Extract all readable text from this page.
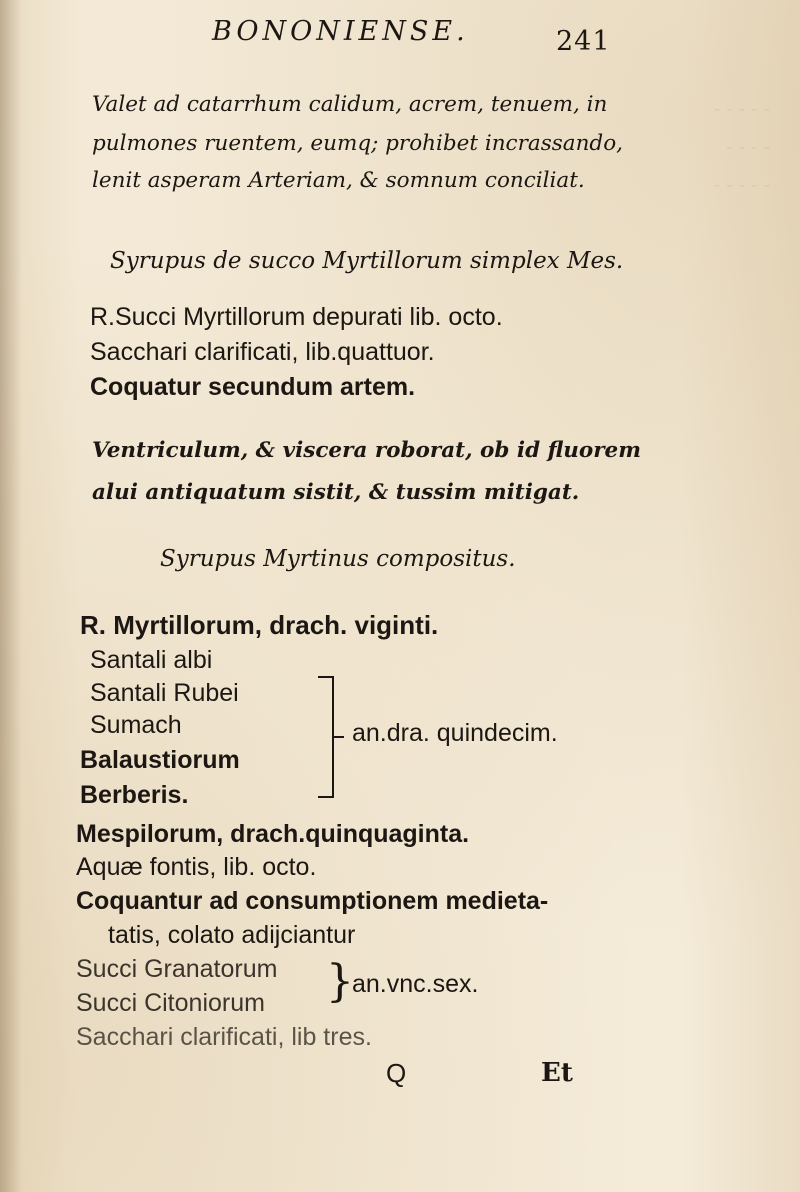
‐ ‐ ‐ ‐ ‐
‐ ‐ ‐ ‐
‐ ‐ ‐ ‐ ‐
BONONIENSE.	241
Valet ad catarrhum calidum, acrem, tenuem, in
pulmones ruentem, eumq; prohibet incrassando,
lenit asperam Arteriam, & somnum conciliat.
Syrupus de succo Myrtillorum simplex Mes.
R.Succi Myrtillorum depurati lib. octo.
Sacchari clarificati, lib.quattuor.
Coquatur secundum artem.
Ventriculum, & viscera roborat, ob id fluorem
alui antiquatum sistit, & tussim mitigat.
Syrupus Myrtinus compositus.
R. Myrtillorum, drach. viginti.
Santali albi
Santali Rubei
Sumach
Balaustiorum
Berberis.
an.dra. quindecim.
Mespilorum, drach.quinquaginta.
Aquæ fontis, lib. octo.
Coquantur ad consumptionem medieta-
tatis, colato adijciantur
Succi Granatorum
Succi Citoniorum }
an.vnc.sex.
Sacchari clarificati, lib tres.
Q	Et
